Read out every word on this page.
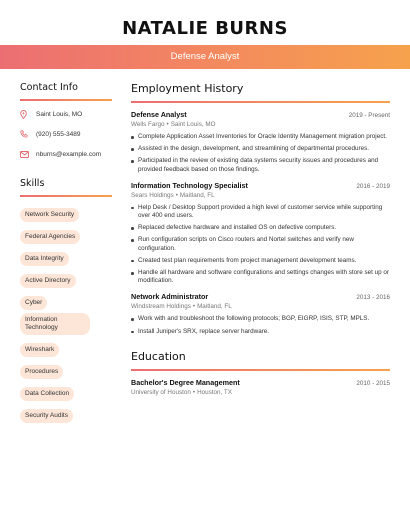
NATALIE BURNS
Defense Analyst
Contact Info
Saint Louis, MO
(920) 555-3489
nburns@example.com
Skills
Network Security
Federal Agencies
Data Integrity
Active Directory
Cyber
Information Technology
Wireshark
Procedures
Data Collection
Security Audits
Employment History
Defense Analyst	2019 - Present
Wells Fargo • Saint Louis, MO
Complete Application Asset Inventories for Oracle Identity Management migration project.
Assisted in the design, development, and streamlining of departmental procedures.
Participated in the review of existing data systems security issues and procedures and provided feedback based on those findings.
Information Technology Specialist	2016 - 2019
Sears Holdings • Maitland, FL
Help Desk / Desktop Support provided a high level of customer service while supporting over 400 end users.
Replaced defective hardware and installed OS on defective computers.
Run configuration scripts on Cisco routers and Nortel switches and verify new configuration.
Created test plan requirements from project management development teams.
Handle all hardware and software configurations and settings changes with store set up or modification.
Network Administrator	2013 - 2016
Windstream Holdings • Maitland, FL
Work with and troubleshoot the following protocols; BGP, EIGRP, ISIS, STP, MPLS.
Install Juniper's SRX, replace server hardware.
Education
Bachelor's Degree Management	2010 - 2015
University of Houston • Houston, TX
